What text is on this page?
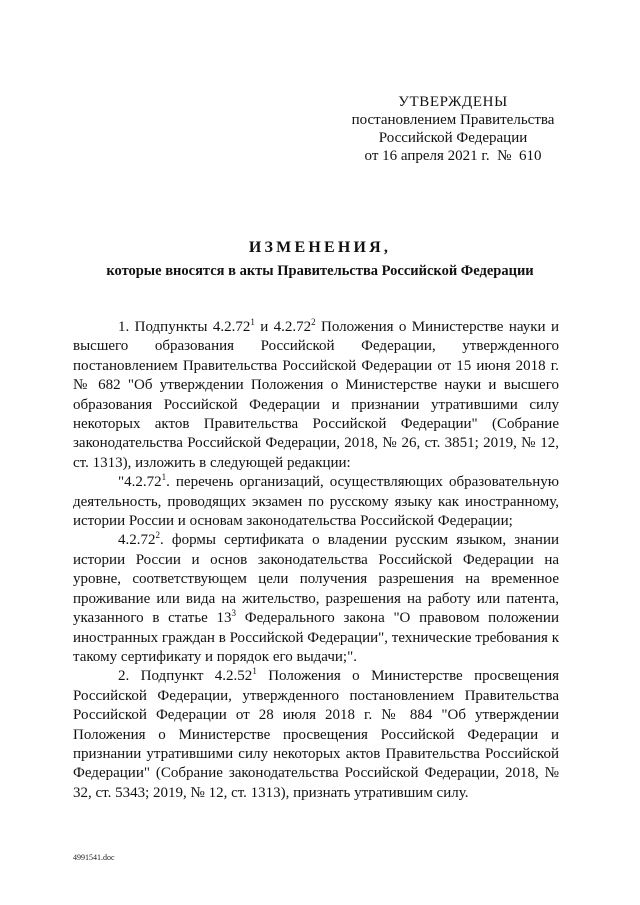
УТВЕРЖДЕНЫ
постановлением Правительства
Российской Федерации
от 16 апреля 2021 г.  №  610
ИЗМЕНЕНИЯ,
которые вносятся в акты Правительства Российской Федерации

1. Подпункты 4.2.72$^1$ и 4.2.72$^2$ Положения о Министерстве науки и высшего образования Российской Федерации, утвержденного постановлением Правительства Российской Федерации от 15 июня 2018 г. № 682 "Об утверждении Положения о Министерстве науки и высшего образования Российской Федерации и признании утратившими силу некоторых актов Правительства Российской Федерации" (Собрание законодательства Российской Федерации, 2018, № 26, ст. 3851; 2019, № 12, ст. 1313), изложить в следующей редакции:

"4.2.72$^1$. перечень организаций, осуществляющих образовательную деятельность, проводящих экзамен по русскому языку как иностранному, истории России и основам законодательства Российской Федерации;

4.2.72$^2$. формы сертификата о владении русским языком, знании истории России и основ законодательства Российской Федерации на уровне, соответствующем цели получения разрешения на временное проживание или вида на жительство, разрешения на работу или патента, указанного в статье $13^3$ Федерального закона "О правовом положении иностранных граждан в Российской Федерации", технические требования к такому сертификату и порядок его выдачи;".

2. Подпункт 4.2.52$^1$ Положения о Министерстве просвещения Российской Федерации, утвержденного постановлением Правительства Российской Федерации от 28 июля 2018 г. № 884 "Об утверждении Положения о Министерстве просвещения Российской Федерации и признании утратившими силу некоторых актов Правительства Российской Федерации" (Собрание законодательства Российской Федерации, 2018, № 32, ст. 5343; 2019, № 12, ст. 1313), признать утратившим силу.

4991541.doc
